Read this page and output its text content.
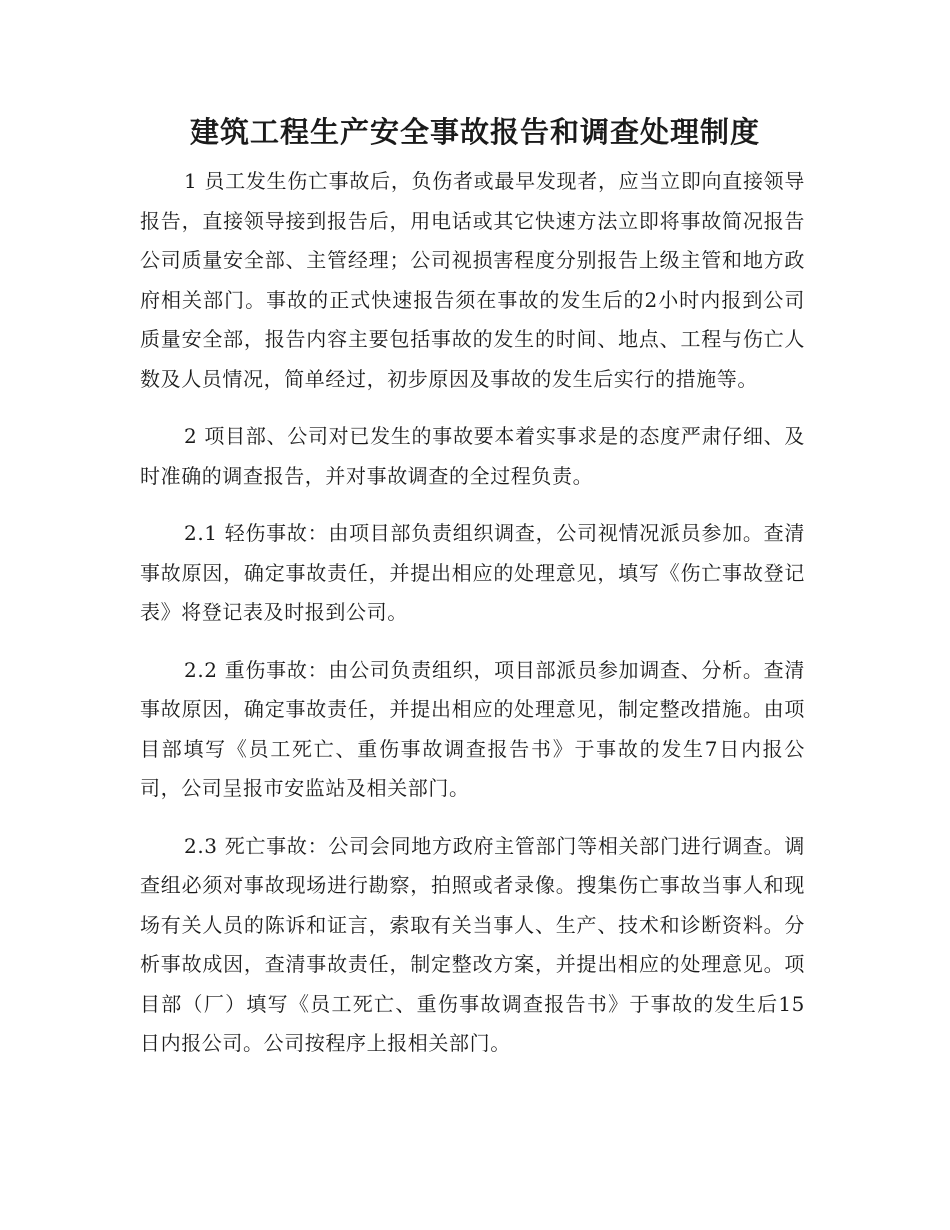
建筑工程生产安全事故报告和调查处理制度

1 员工发生伤亡事故后，负伤者或最早发现者，应当立即向直接领导报告，直接领导接到报告后，用电话或其它快速方法立即将事故简况报告公司质量安全部、主管经理；公司视损害程度分别报告上级主管和地方政府相关部门。事故的正式快速报告须在事故的发生后的2小时内报到公司质量安全部，报告内容主要包括事故的发生的时间、地点、工程与伤亡人数及人员情况，简单经过，初步原因及事故的发生后实行的措施等。

2 项目部、公司对已发生的事故要本着实事求是的态度严肃仔细、及时准确的调查报告，并对事故调查的全过程负责。

2.1 轻伤事故：由项目部负责组织调查，公司视情况派员参加。查清事故原因，确定事故责任，并提出相应的处理意见，填写《伤亡事故登记表》将登记表及时报到公司。

2.2 重伤事故：由公司负责组织，项目部派员参加调查、分析。查清事故原因，确定事故责任，并提出相应的处理意见，制定整改措施。由项目部填写《员工死亡、重伤事故调查报告书》于事故的发生7日内报公司，公司呈报市安监站及相关部门。

2.3 死亡事故：公司会同地方政府主管部门等相关部门进行调查。调查组必须对事故现场进行勘察，拍照或者录像。搜集伤亡事故当事人和现场有关人员的陈诉和证言，索取有关当事人、生产、技术和诊断资料。分析事故成因，查清事故责任，制定整改方案，并提出相应的处理意见。项目部（厂）填写《员工死亡、重伤事故调查报告书》于事故的发生后15日内报公司。公司按程序上报相关部门。
